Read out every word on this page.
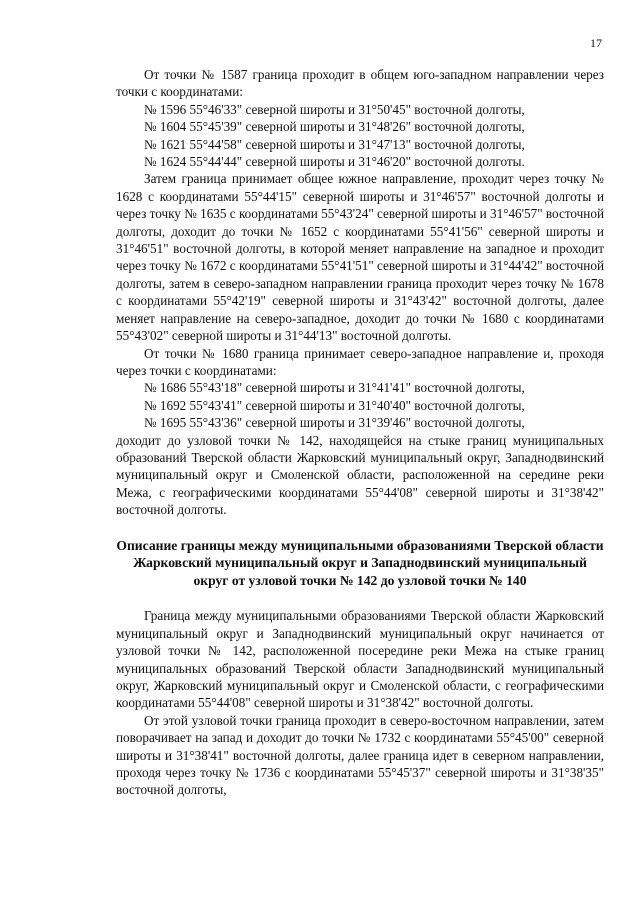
17

От точки № 1587 граница проходит в общем юго-западном направлении через точки с координатами:

№ 1596 55°46'33" северной широты и 31°50'45" восточной долготы,
№ 1604 55°45'39" северной широты и 31°48'26" восточной долготы,
№ 1621 55°44'58" северной широты и 31°47'13" восточной долготы,
№ 1624 55°44'44" северной широты и 31°46'20" восточной долготы.

Затем граница принимает общее южное направление, проходит через точку № 1628 с координатами 55°44'15" северной широты и 31°46'57" восточной долготы и через точку № 1635 с координатами 55°43'24" северной широты и 31°46'57" восточной долготы, доходит до точки № 1652 с координатами 55°41'56" северной широты и 31°46'51" восточной долготы, в которой меняет направление на западное и проходит через точку № 1672 с координатами 55°41'51" северной широты и 31°44'42" восточной долготы, затем в северо-западном направлении граница проходит через точку № 1678 с координатами 55°42'19" северной широты и 31°43'42" восточной долготы, далее меняет направление на северо-западное, доходит до точки № 1680 с координатами 55°43'02" северной широты и 31°44'13" восточной долготы.

От точки № 1680 граница принимает северо-западное направление и, проходя через точки с координатами:

№ 1686 55°43'18" северной широты и 31°41'41" восточной долготы,
№ 1692 55°43'41" северной широты и 31°40'40" восточной долготы,
№ 1695 55°43'36" северной широты и 31°39'46" восточной долготы,

доходит до узловой точки № 142, находящейся на стыке границ муниципальных образований Тверской области Жарковский муниципальный округ, Западнодвинский муниципальный округ и Смоленской области, расположенной на середине реки Межа, с географическими координатами 55°44'08" северной широты и 31°38'42" восточной долготы.

Описание границы между муниципальными образованиями Тверской области Жарковский муниципальный округ и Западнодвинский муниципальный округ от узловой точки № 142 до узловой точки № 140

Граница между муниципальными образованиями Тверской области Жарковский муниципальный округ и Западнодвинский муниципальный округ начинается от узловой точки № 142, расположенной посередине реки Межа на стыке границ муниципальных образований Тверской области Западнодвинский муниципальный округ, Жарковский муниципальный округ и Смоленской области, с географическими координатами 55°44'08" северной широты и 31°38'42" восточной долготы.

От этой узловой точки граница проходит в северо-восточном направлении, затем поворачивает на запад и доходит до точки № 1732 с координатами 55°45'00" северной широты и 31°38'41" восточной долготы, далее граница идет в северном направлении, проходя через точку № 1736 с координатами 55°45'37" северной широты и 31°38'35" восточной долготы,
